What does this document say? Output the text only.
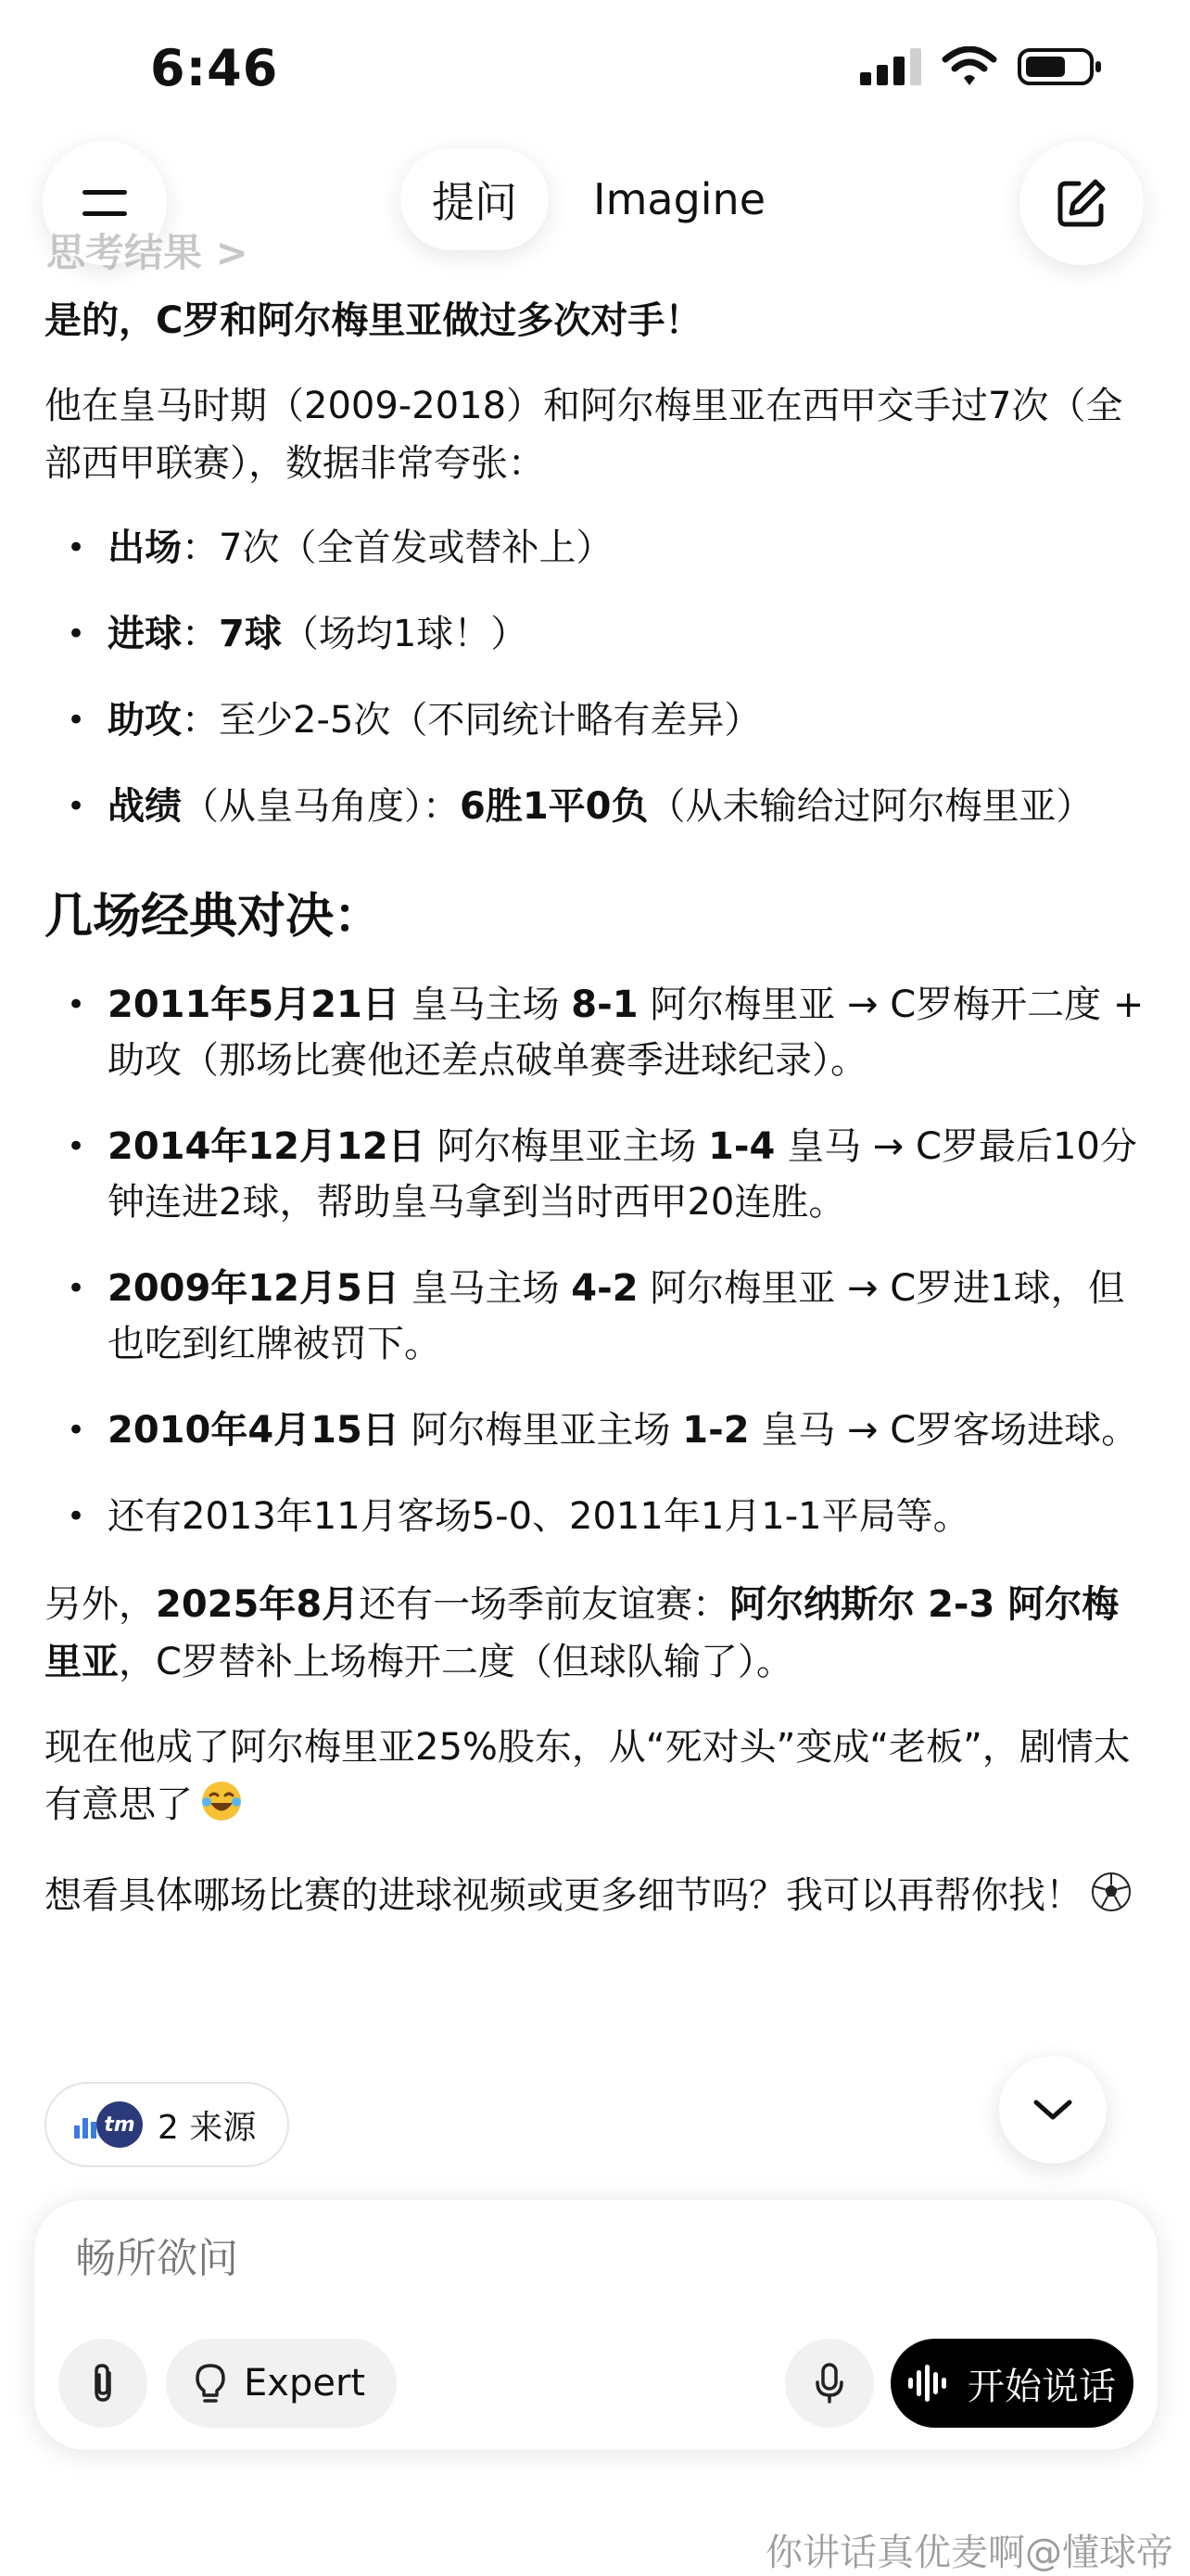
6:46
提问	Imagine
思考结果 >

是的，C罗和阿尔梅里亚做过多次对手！

他在皇马时期（2009-2018）和阿尔梅里亚在西甲交手过7次（全部西甲联赛），数据非常夸张：

• 出场：7次（全首发或替补上）
• 进球：7球（场均1球！）
• 助攻：至少2-5次（不同统计略有差异）
• 战绩（从皇马角度）：6胜1平0负（从未输给过阿尔梅里亚）
几场经典对决：
• 2011年5月21日 皇马主场 8-1 阿尔梅里亚 → C罗梅开二度 + 助攻（那场比赛他还差点破单赛季进球纪录）。
• 2014年12月12日 阿尔梅里亚主场 1-4 皇马 → C罗最后10分钟连进2球，帮助皇马拿到当时西甲20连胜。
• 2009年12月5日 皇马主场 4-2 阿尔梅里亚 → C罗进1球，但也吃到红牌被罚下。
• 2010年4月15日 阿尔梅里亚主场 1-2 皇马 → C罗客场进球。
• 还有2013年11月客场5-0、2011年1月1-1平局等。

另外，2025年8月还有一场季前友谊赛：阿尔纳斯尔 2-3 阿尔梅里亚，C罗替补上场梅开二度（但球队输了）。

现在他成了阿尔梅里亚25%股东，从“死对头”变成“老板”，剧情太有意思了

想看具体哪场比赛的进球视频或更多细节吗？我可以再帮你找！

tm 2 来源
畅所欲问
Expert	开始说话
你讲话真优麦啊@懂球帝
